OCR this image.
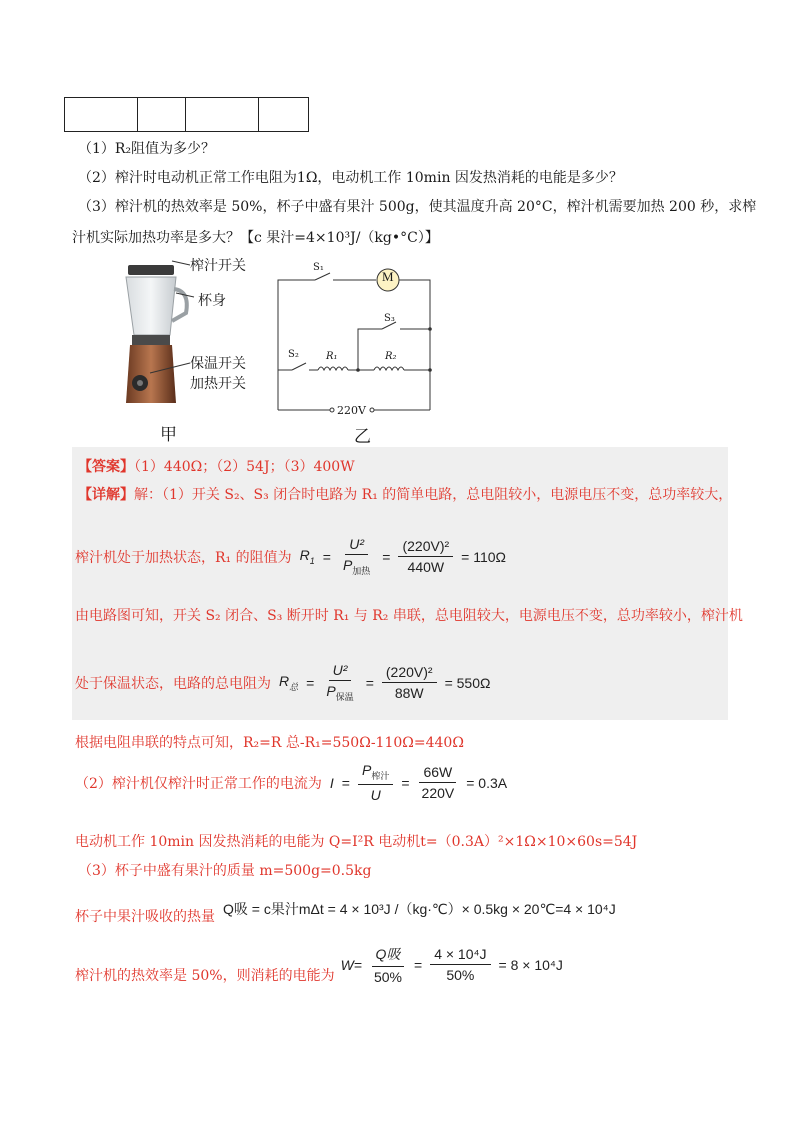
（1）R₂阻值为多少？
（2）榨汁时电动机正常工作电阻为1Ω，电动机工作 10min 因发热消耗的电能是多少？
（3）榨汁机的热效率是 50%，杯子中盛有果汁 500g，使其温度升高 20°C，榨汁机需要加热 200 秒，求榨
汁机实际加热功率是多大？【c 果汁=4×10³J/（kg•°C）】
榨汁开关
杯身
保温开关
加热开关
甲
M
S₁
S₃
S₂	R₁	R₂
220V
乙
【答案】（1）440Ω；（2）54J；（3）400W
【详解】解：（1）开关 S₂、S₃ 闭合时电路为 R₁ 的简单电路，总电阻较小，电源电压不变，总功率较大，
榨汁机处于加热状态，R₁ 的阻值为 $R_1 = \frac{\text{U²}}{P_{加热}} = \frac{\text{(220V)²}}{440W} = 110\Omega$
由电路图可知，开关 S₂ 闭合、S₃ 断开时 R₁ 与 R₂ 串联，总电阻较大，电源电压不变，总功率较小，榨汁机
处于保温状态，电路的总电阻为 $R_总 = \frac{\text{U²}}{P_{保温}} = \frac{\text{(220V)²}}{88W} = 550\Omega$
根据电阻串联的特点可知，R₂=R 总-R₁=550Ω-110Ω=440Ω
（2）榨汁机仅榨汁时正常工作的电流为 $I = \frac{P_{榨汁}}{U} = \frac{66W}{220V} = 0.3A$
电动机工作 10min 因发热消耗的电能为 Q=I²R 电动机t=（0.3A）²×1Ω×10×60s=54J
（3）杯子中盛有果汁的质量 m=500g=0.5kg
杯子中果汁吸收的热量 Q吸 = c果汁mΔt = 4 × 10³J /（kg·℃）× 0.5kg × 20℃=4 × 10⁴J
榨汁机的热效率是 50%，则消耗的电能为
$W= \frac{\text{Q吸}}{50\%} = \frac{\text{4 × 10⁴J}}{50\%} = 8 \times 10^4J$
